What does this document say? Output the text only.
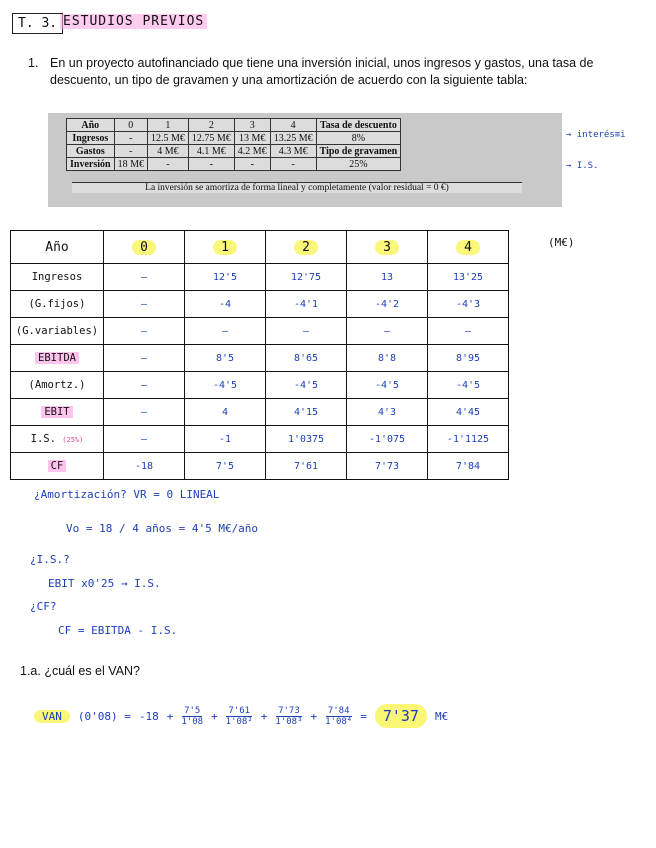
T. 3. ESTUDIOS PREVIOS
1. En un proyecto autofinanciado que tiene una inversión inicial, unos ingresos y gastos, una tasa de descuento, un tipo de gravamen y una amortización de acuerdo con la siguiente tabla:
Año	0	1	2	3	4	Tasa de descuento
Ingresos	-	12.5 M€	12.75 M€	13 M€	13.25 M€	8%
Gastos	-	4 M€	4.1 M€	4.2 M€	4.3 M€	Tipo de gravamen
Inversión	18 M€	-	-	-	-	25%
La inversión se amortiza de forma lineal y completamente (valor residual = 0 €)
→ interés≡i
→ I.S.
(M€)
Año	0	1	2	3	4
Ingresos	—	12'5	12'75	13	13'25
(G.fijos)	—	-4	-4'1	-4'2	-4'3
(G.variables)	—	—	—	—	—
EBITDA	—	8'5	8'65	8'8	8'95
(Amortz.)	—	-4'5	-4'5	-4'5	-4'5
EBIT	—	4	4'15	4'3	4'45
I.S. (25%)	—	-1	1'0375	-1'075	-1'1125
CF	-18	7'5	7'61	7'73	7'84
¿Amortización? VR = 0 LINEAL
Vo = 18 / 4 años = 4'5 M€/año
¿I.S.?
EBIT x0'25 → I.S.
¿CF?
CF = EBITDA - I.S.
1.a. ¿cuál es el VAN?
VAN	$(0'08) = -18 + \frac{7'5}{1'08} + \frac{7'61}{\text{1'08²}} + \frac{7'73}{\text{1'08³}} + \frac{7'84}{\text{1'08⁴}}$ =	7'37	M€
